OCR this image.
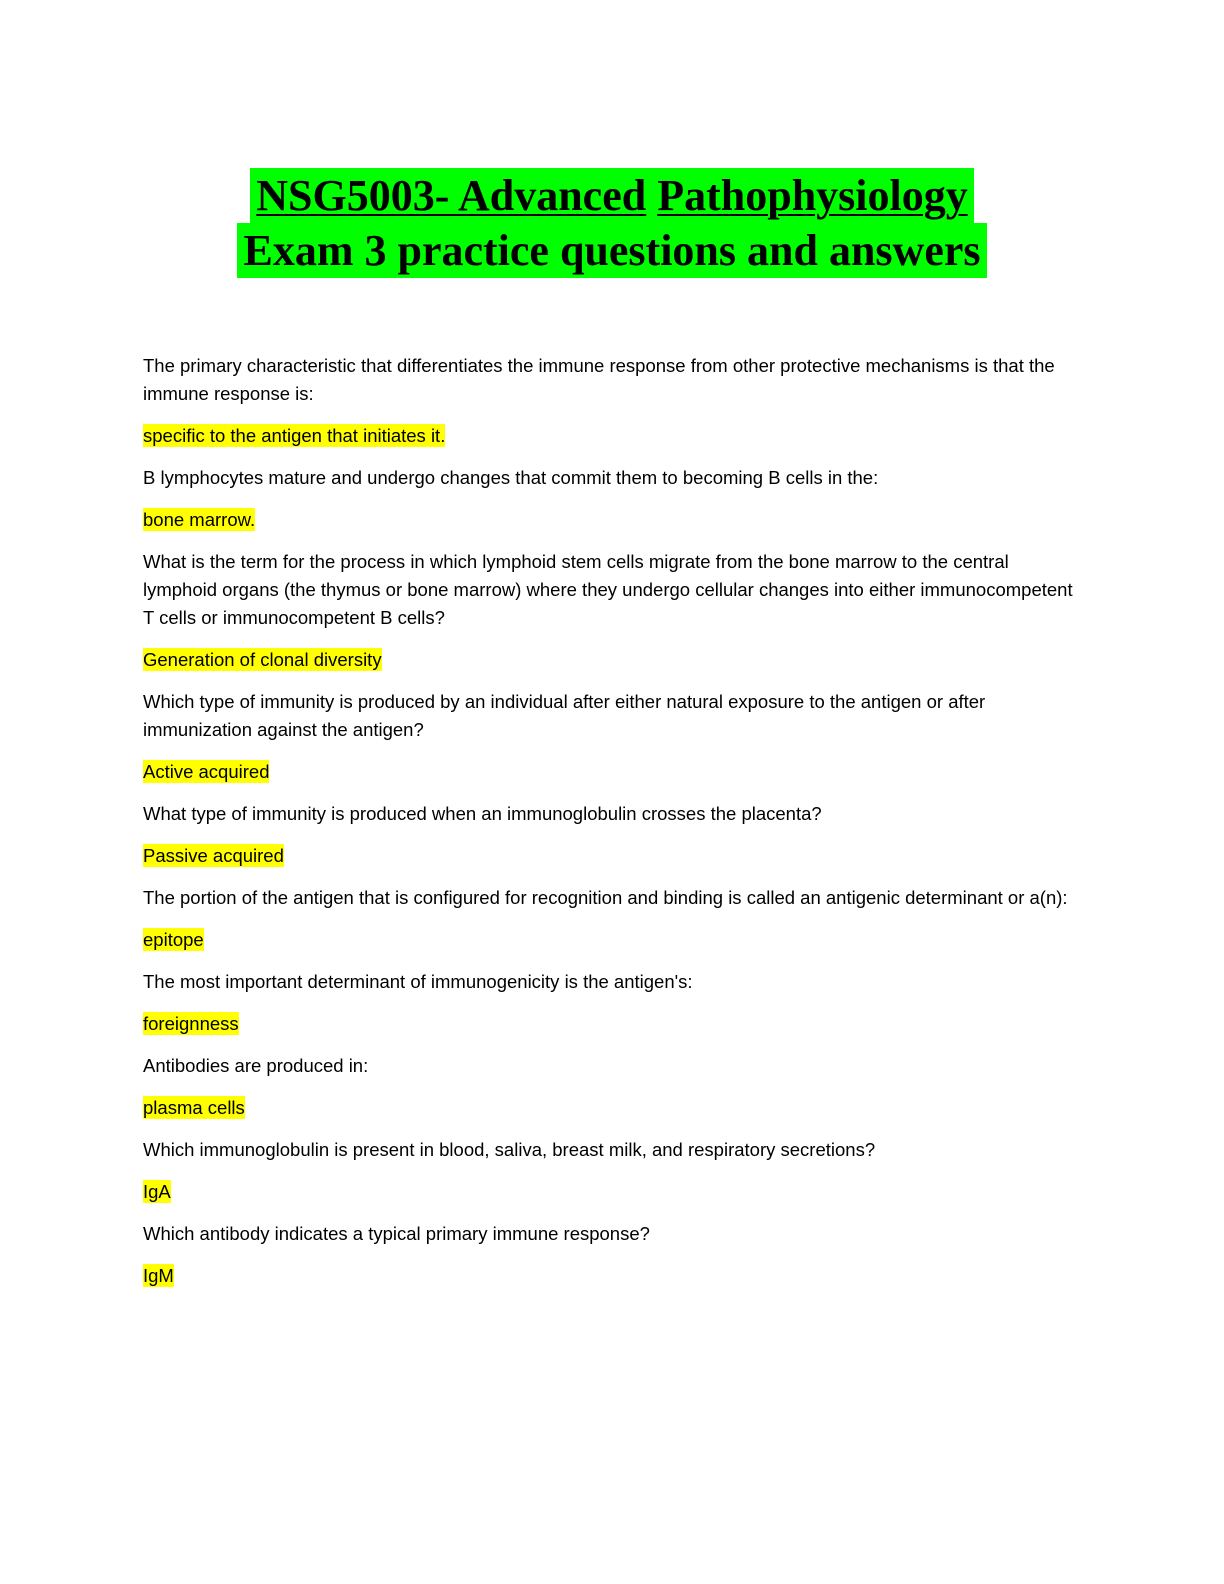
NSG5003- Advanced Pathophysiology
Exam 3 practice questions and answers

The primary characteristic that differentiates the immune response from other protective mechanisms is that the immune response is:

specific to the antigen that initiates it.

B lymphocytes mature and undergo changes that commit them to becoming B cells in the:

bone marrow.

What is the term for the process in which lymphoid stem cells migrate from the bone marrow to the central lymphoid organs (the thymus or bone marrow) where they undergo cellular changes into either immunocompetent T cells or immunocompetent B cells?

Generation of clonal diversity

Which type of immunity is produced by an individual after either natural exposure to the antigen or after immunization against the antigen?

Active acquired

What type of immunity is produced when an immunoglobulin crosses the placenta?

Passive acquired

The portion of the antigen that is configured for recognition and binding is called an antigenic determinant or a(n):

epitope

The most important determinant of immunogenicity is the antigen's:

foreignness

Antibodies are produced in:

plasma cells

Which immunoglobulin is present in blood, saliva, breast milk, and respiratory secretions?

IgA

Which antibody indicates a typical primary immune response?

IgM
